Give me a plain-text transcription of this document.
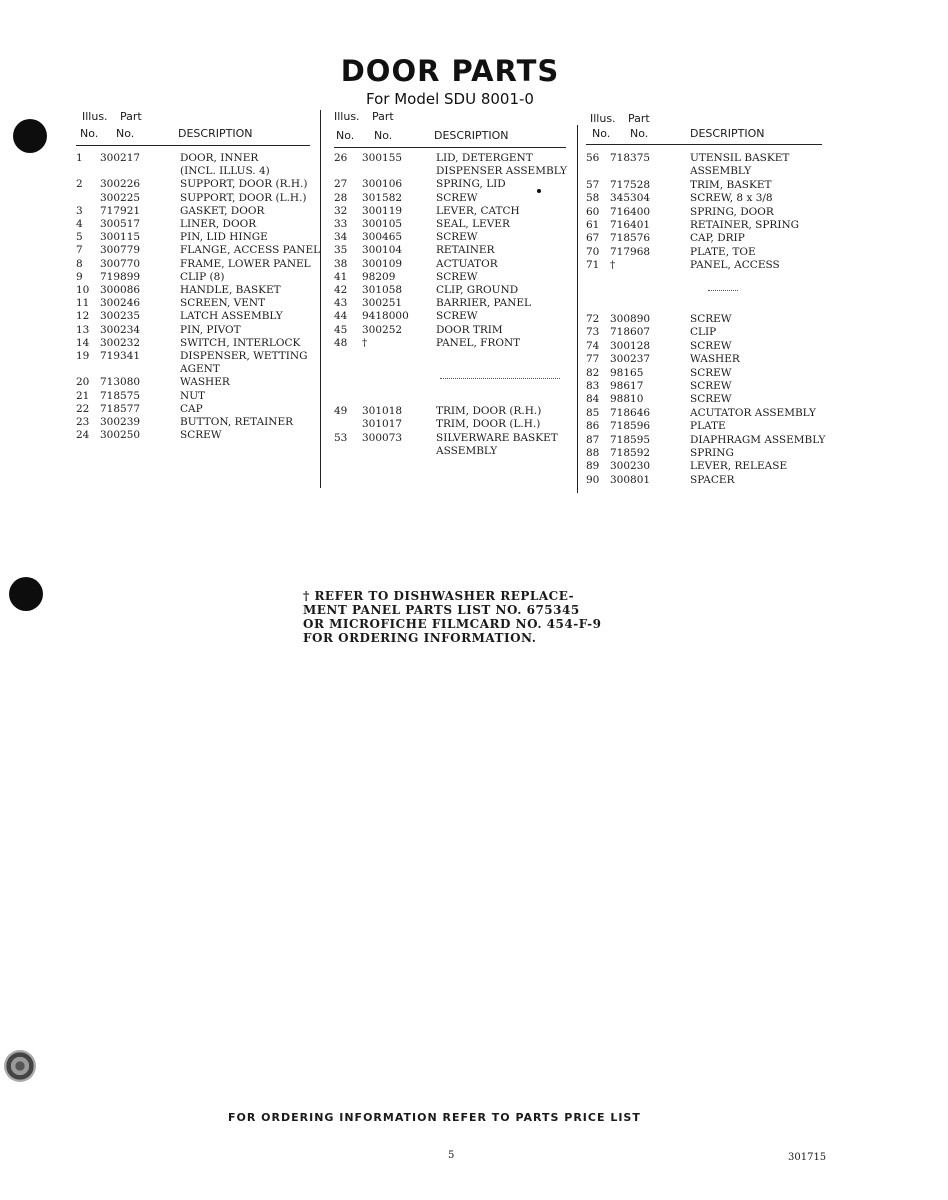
DOOR PARTS
For Model SDU 8001-0
Illus. Part
No. No.	DESCRIPTION
1 300217	DOOR, INNER
(INCL. ILLUS. 4)
2 300226	SUPPORT, DOOR (R.H.)
300225	SUPPORT, DOOR (L.H.)
3 717921	GASKET, DOOR
4 300517	LINER, DOOR
5 300115	PIN, LID HINGE
7 300779	FLANGE, ACCESS PANEL
8 300770	FRAME, LOWER PANEL
9 719899	CLIP (8)
10 300086	HANDLE, BASKET
11 300246	SCREEN, VENT
12 300235	LATCH ASSEMBLY
13 300234	PIN, PIVOT
14 300232	SWITCH, INTERLOCK
19 719341	DISPENSER, WETTING
AGENT
20 713080	WASHER
21 718575	NUT
22 718577	CAP
23 300239	BUTTON, RETAINER
24 300250	SCREW
Illus. Part
No. No.	DESCRIPTION
26 300155	LID, DETERGENT
DISPENSER ASSEMBLY
27 300106	SPRING, LID
28 301582	SCREW
32 300119	LEVER, CATCH
33 300105	SEAL, LEVER
34 300465	SCREW
35 300104	RETAINER
38 300109	ACTUATOR
41 98209	SCREW
42 301058	CLIP, GROUND
43 300251	BARRIER, PANEL
44 9418000	SCREW
45 300252	DOOR TRIM
48 †	PANEL, FRONT
49 301018	TRIM, DOOR (R.H.)
301017	TRIM, DOOR (L.H.)
53 300073	SILVERWARE BASKET
ASSEMBLY
Illus. Part
No. No.	DESCRIPTION
56 718375	UTENSIL BASKET
ASSEMBLY
57 717528	TRIM, BASKET
58 345304	SCREW, 8 x 3/8
60 716400	SPRING, DOOR
61 716401	RETAINER, SPRING
67 718576	CAP, DRIP
70 717968	PLATE, TOE
71 †	PANEL, ACCESS
72 300890	SCREW
73 718607	CLIP
74 300128	SCREW
77 300237	WASHER
82 98165	SCREW
83 98617	SCREW
84 98810	SCREW
85 718646	ACUTATOR ASSEMBLY
86 718596	PLATE
87 718595	DIAPHRAGM ASSEMBLY
88 718592	SPRING
89 300230	LEVER, RELEASE
90 300801	SPACER
† REFER TO DISHWASHER REPLACE-
MENT PANEL PARTS LIST NO. 675345
OR MICROFICHE FILMCARD NO. 454-F-9
FOR ORDERING INFORMATION.
FOR ORDERING INFORMATION REFER TO PARTS PRICE LIST
5	301715
